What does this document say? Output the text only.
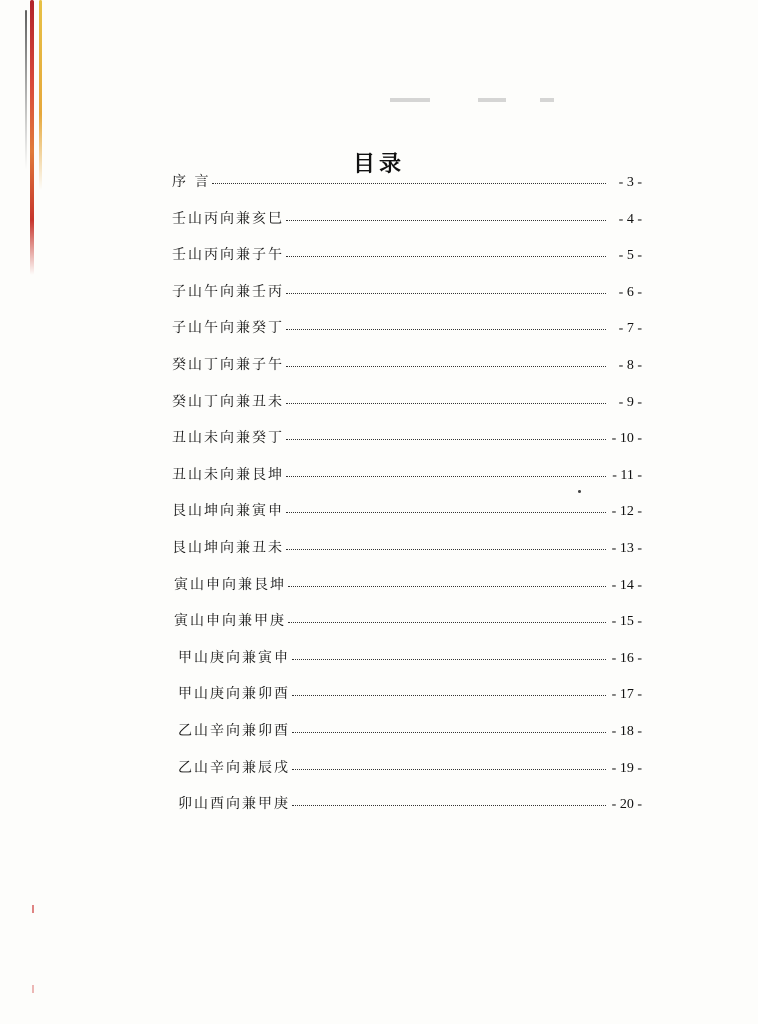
目录
序 言	- 3 -
壬山丙向兼亥巳	- 4 -
壬山丙向兼子午	- 5 -
子山午向兼壬丙	- 6 -
子山午向兼癸丁	- 7 -
癸山丁向兼子午	- 8 -
癸山丁向兼丑未	- 9 -
丑山未向兼癸丁	- 10 -
丑山未向兼艮坤	- 11 -
艮山坤向兼寅申	- 12 -
艮山坤向兼丑未	- 13 -
寅山申向兼艮坤	- 14 -
寅山申向兼甲庚	- 15 -
甲山庚向兼寅申	- 16 -
甲山庚向兼卯酉	- 17 -
乙山辛向兼卯酉	- 18 -
乙山辛向兼辰戌	- 19 -
卯山酉向兼甲庚	- 20 -
